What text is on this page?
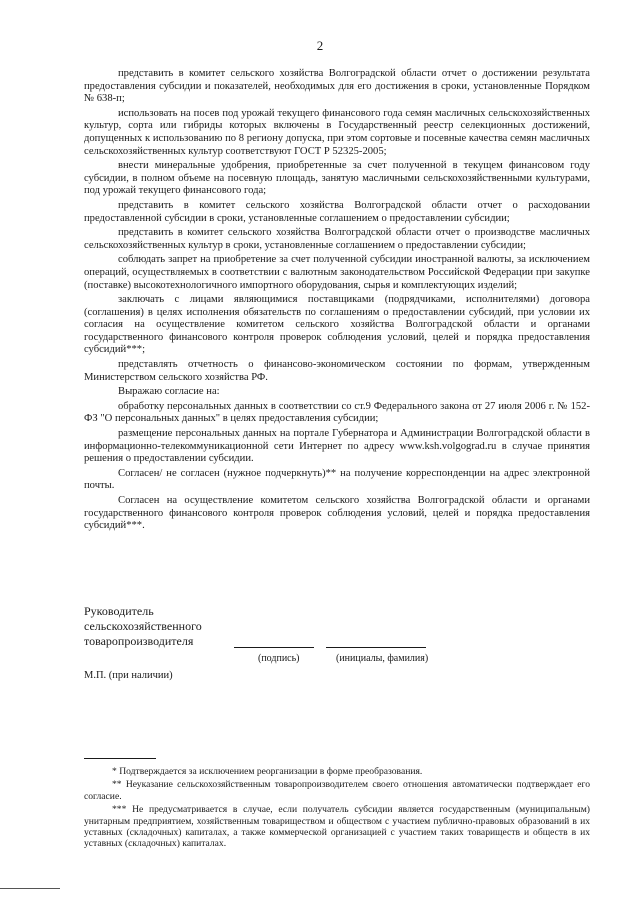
2

представить в комитет сельского хозяйства Волгоградской области отчет о достижении результата предоставления субсидии и показателей, необходимых для его достижения в сроки, установленные Порядком № 638-п;

использовать на посев под урожай текущего финансового года семян масличных сельскохозяйственных культур, сорта или гибриды которых включены в Государственный реестр селекционных достижений, допущенных к использованию по 8 региону допуска, при этом сортовые и посевные качества семян масличных сельскохозяйственных культур соответствуют ГОСТ Р 52325-2005;

внести минеральные удобрения, приобретенные за счет полученной в текущем финансовом году субсидии, в полном объеме на посевную площадь, занятую масличными сельскохозяйственными культурами, под урожай текущего финансового года;

представить в комитет сельского хозяйства Волгоградской области отчет о расходовании предоставленной субсидии в сроки, установленные соглашением о предоставлении субсидии;

представить в комитет сельского хозяйства Волгоградской области отчет о производстве масличных сельскохозяйственных культур в сроки, установленные соглашением о предоставлении субсидии;

соблюдать запрет на приобретение за счет полученной субсидии иностранной валюты, за исключением операций, осуществляемых в соответствии с валютным законодательством Российской Федерации при закупке (поставке) высокотехнологичного импортного оборудования, сырья и комплектующих изделий;

заключать с лицами являющимися поставщиками (подрядчиками, исполнителями) договора (соглашения) в целях исполнения обязательств по соглашениям о предоставлении субсидий, при условии их согласия на осуществление комитетом сельского хозяйства Волгоградской области и органами государственного финансового контроля проверок соблюдения условий, целей и порядка предоставления субсидий***;

представлять отчетность о финансово-экономическом состоянии по формам, утвержденным Министерством сельского хозяйства РФ.

Выражаю согласие на:

обработку персональных данных в соответствии со ст.9 Федерального закона от 27 июля 2006 г. № 152-ФЗ "О персональных данных" в целях предоставления субсидии;

размещение персональных данных на портале Губернатора и Администрации Волгоградской области в информационно-телекоммуникационной сети Интернет по адресу www.ksh.volgograd.ru в случае принятия решения о предоставлении субсидии.

Согласен/ не согласен (нужное подчеркнуть)** на получение корреспонденции на адрес электронной почты.

Согласен на осуществление комитетом сельского хозяйства Волгоградской области и органами государственного финансового контроля проверок соблюдения условий, целей и порядка предоставления субсидий***.

Руководитель
сельскохозяйственного
товаропроизводителя
(подпись)	(инициалы, фамилия)
М.П. (при наличии)

* Подтверждается за исключением реорганизации в форме преобразования.

** Неуказание сельскохозяйственным товаропроизводителем своего отношения автоматически подтверждает его согласие.

*** Не предусматривается в случае, если получатель субсидии является государственным (муниципальным) унитарным предприятием, хозяйственным товариществом и обществом с участием публично-правовых образований в их уставных (складочных) капиталах, а также коммерческой организацией с участием таких товариществ и обществ в их уставных (складочных) капиталах.
